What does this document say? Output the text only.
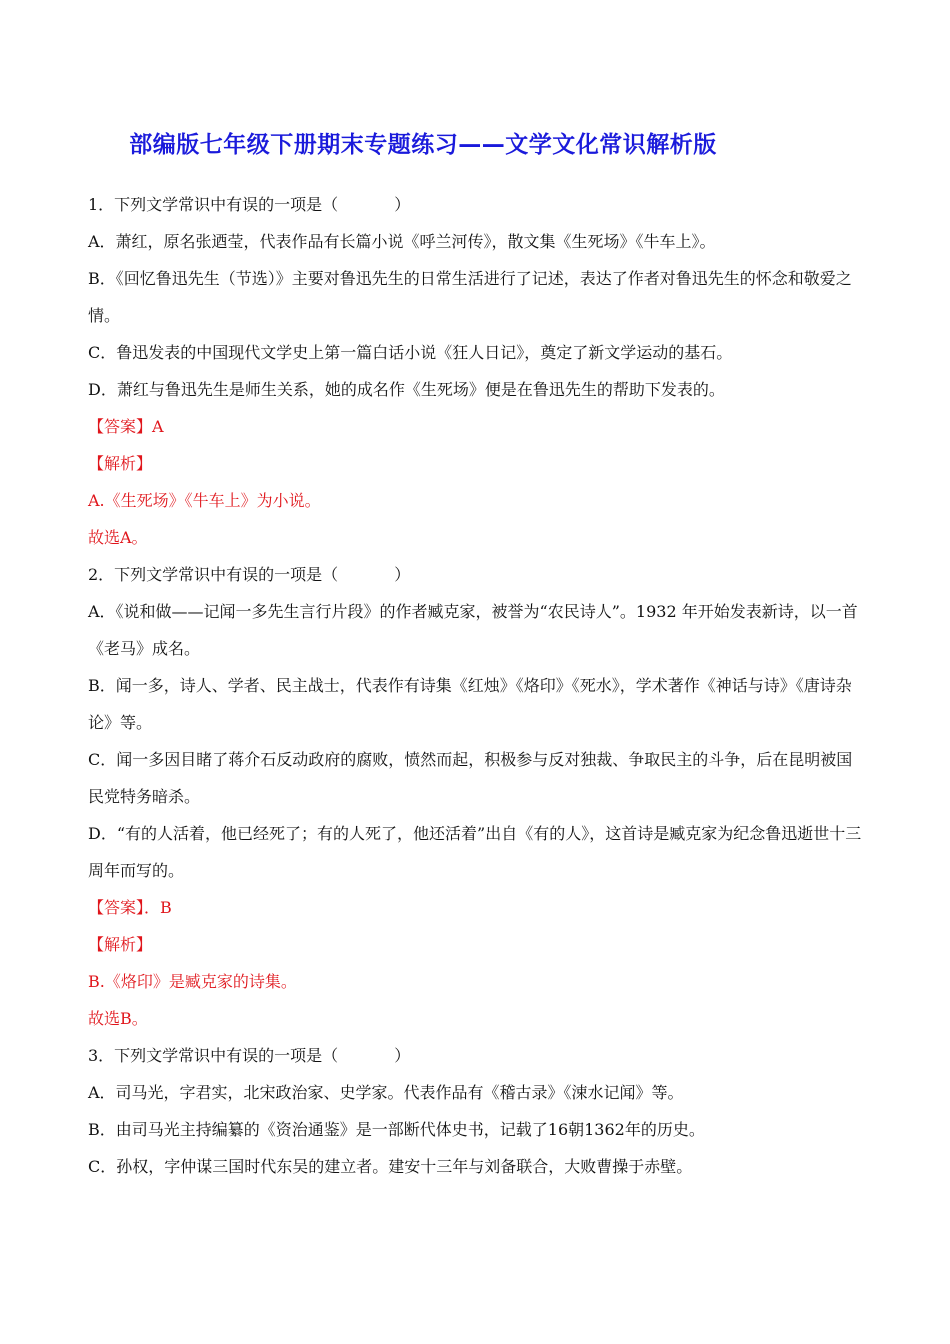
部编版七年级下册期末专题练习——文学文化常识解析版
1．下列文学常识中有误的一项是（	）
A．萧红，原名张迺莹，代表作品有长篇小说《呼兰河传》，散文集《生死场》《牛车上》。
B．《回忆鲁迅先生（节选）》主要对鲁迅先生的日常生活进行了记述，表达了作者对鲁迅先生的怀念和敬爱之情。
C．鲁迅发表的中国现代文学史上第一篇白话小说《狂人日记》，奠定了新文学运动的基石。
D．萧红与鲁迅先生是师生关系，她的成名作《生死场》便是在鲁迅先生的帮助下发表的。
【答案】A
【解析】
A.《生死场》《牛车上》为小说。
故选A。
2．下列文学常识中有误的一项是（	）
A．《说和做——记闻一多先生言行片段》的作者臧克家，被誉为“农民诗人”。1932 年开始发表新诗，以一首《老马》成名。
B．闻一多，诗人、学者、民主战士，代表作有诗集《红烛》《烙印》《死水》，学术著作《神话与诗》《唐诗杂论》等。
C．闻一多因目睹了蒋介石反动政府的腐败，愤然而起，积极参与反对独裁、争取民主的斗争，后在昆明被国民党特务暗杀。
D．“有的人活着，他已经死了；有的人死了，他还活着”出自《有的人》，这首诗是臧克家为纪念鲁迅逝世十三周年而写的。
【答案】．B
【解析】
B.《烙印》是臧克家的诗集。
故选B。
3．下列文学常识中有误的一项是（	）
A．司马光，字君实，北宋政治家、史学家。代表作品有《稽古录》《涑水记闻》等。
B．由司马光主持编纂的《资治通鉴》是一部断代体史书，记载了16朝1362年的历史。
C．孙权，字仲谋三国时代东吴的建立者。建安十三年与刘备联合，大败曹操于赤壁。
